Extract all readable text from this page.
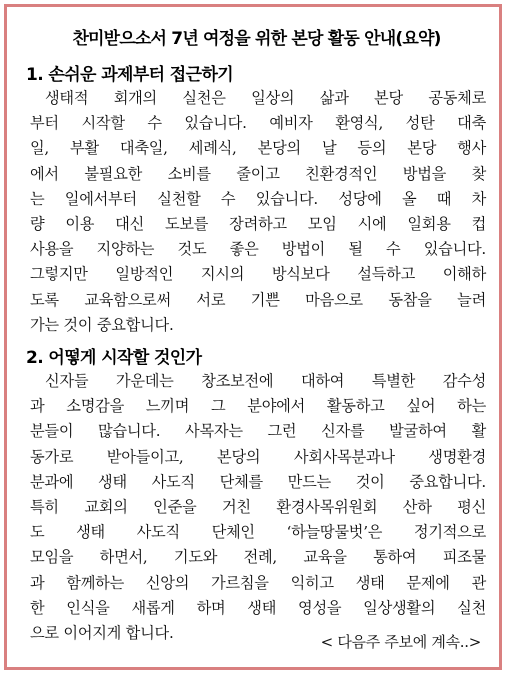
찬미받으소서 7년 여정을 위한 본당 활동 안내(요약)
1. 손쉬운 과제부터 접근하기
생태적 회개의 실천은 일상의 삶과 본당 공동체로
부터 시작할 수 있습니다. 예비자 환영식, 성탄 대축
일, 부활 대축일, 세례식, 본당의 날 등의 본당 행사
에서 불필요한 소비를 줄이고 친환경적인 방법을 찾
는 일에서부터 실천할 수 있습니다. 성당에 올 때 차
량 이용 대신 도보를 장려하고 모임 시에 일회용 컵
사용을 지양하는 것도 좋은 방법이 될 수 있습니다.
그렇지만 일방적인 지시의 방식보다 설득하고 이해하
도록 교육함으로써 서로 기쁜 마음으로 동참을 늘려
가는 것이 중요합니다.
2. 어떻게 시작할 것인가
신자들 가운데는 창조보전에 대하여 특별한 감수성
과 소명감을 느끼며 그 분야에서 활동하고 싶어 하는
분들이 많습니다. 사목자는 그런 신자를 발굴하여 활
동가로 받아들이고, 본당의 사회사목분과나 생명환경
분과에 생태 사도직 단체를 만드는 것이 중요합니다.
특히 교회의 인준을 거친 환경사목위원회 산하 평신
도 생태 사도직 단체인 ‘하늘땅물벗’은 정기적으로
모임을 하면서, 기도와 전례, 교육을 통하여 피조물
과 함께하는 신앙의 가르침을 익히고 생태 문제에 관
한 인식을 새롭게 하며 생태 영성을 일상생활의 실천
으로 이어지게 합니다.	< 다음주 주보에 계속..>
